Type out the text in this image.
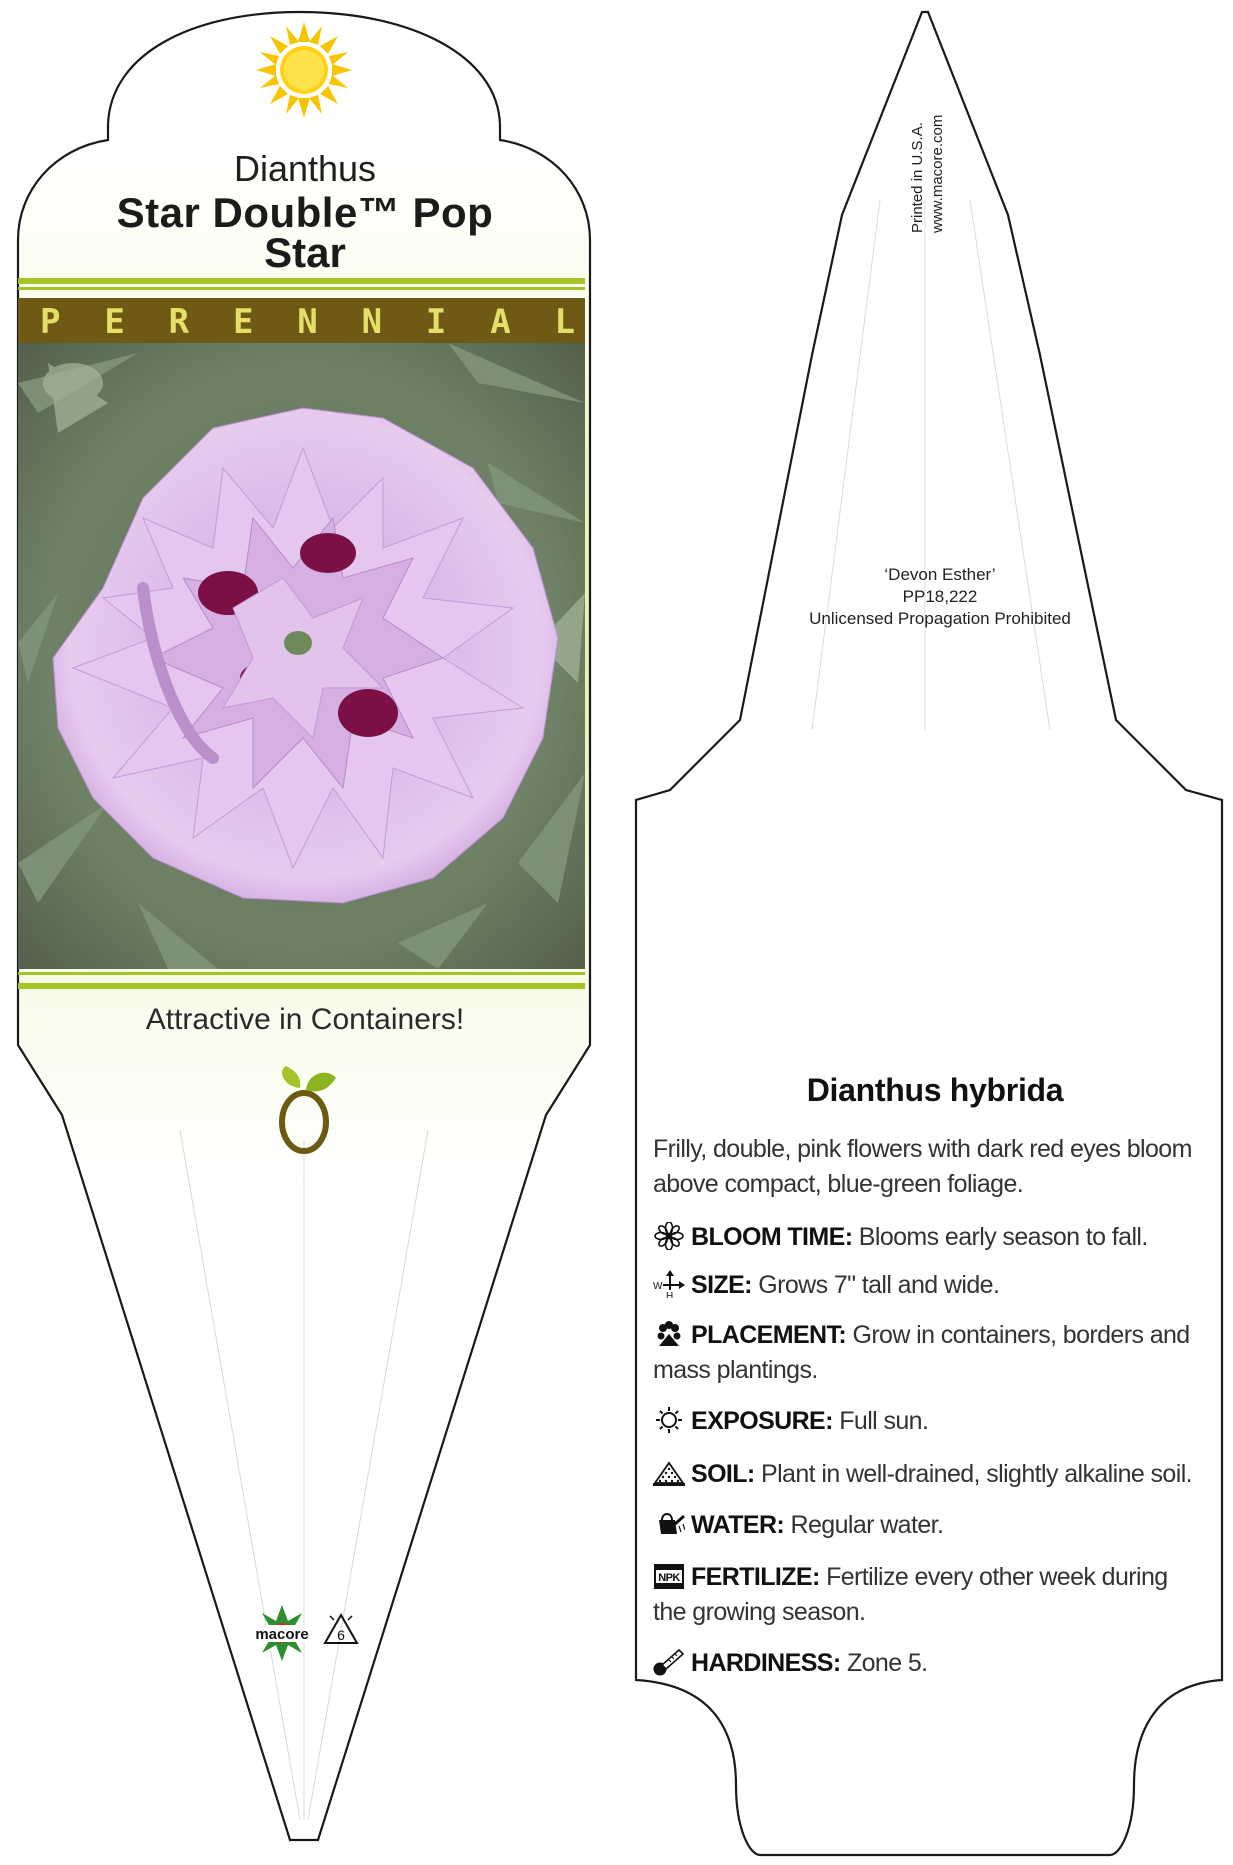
Dianthus
Star Double™ Pop
Star
P E R E N N I A L
Attractive in Containers!
macore 6
Printed in U.S.A. www.macore.com
‘Devon Esther’
PP18,222
Unlicensed Propagation Prohibited
Dianthus hybrida
Frilly, double, pink flowers with dark red eyes bloom above compact, blue-green foliage.
BLOOM TIME: Blooms early season to fall.
W
H SIZE: Grows 7" tall and wide.
PLACEMENT: Grow in containers, borders and mass plantings.
EXPOSURE: Full sun.
SOIL: Plant in well-drained, slightly alkaline soil.
WATER: Regular water.
NPK FERTILIZE: Fertilize every other week during the growing season.
HARDINESS: Zone 5.
